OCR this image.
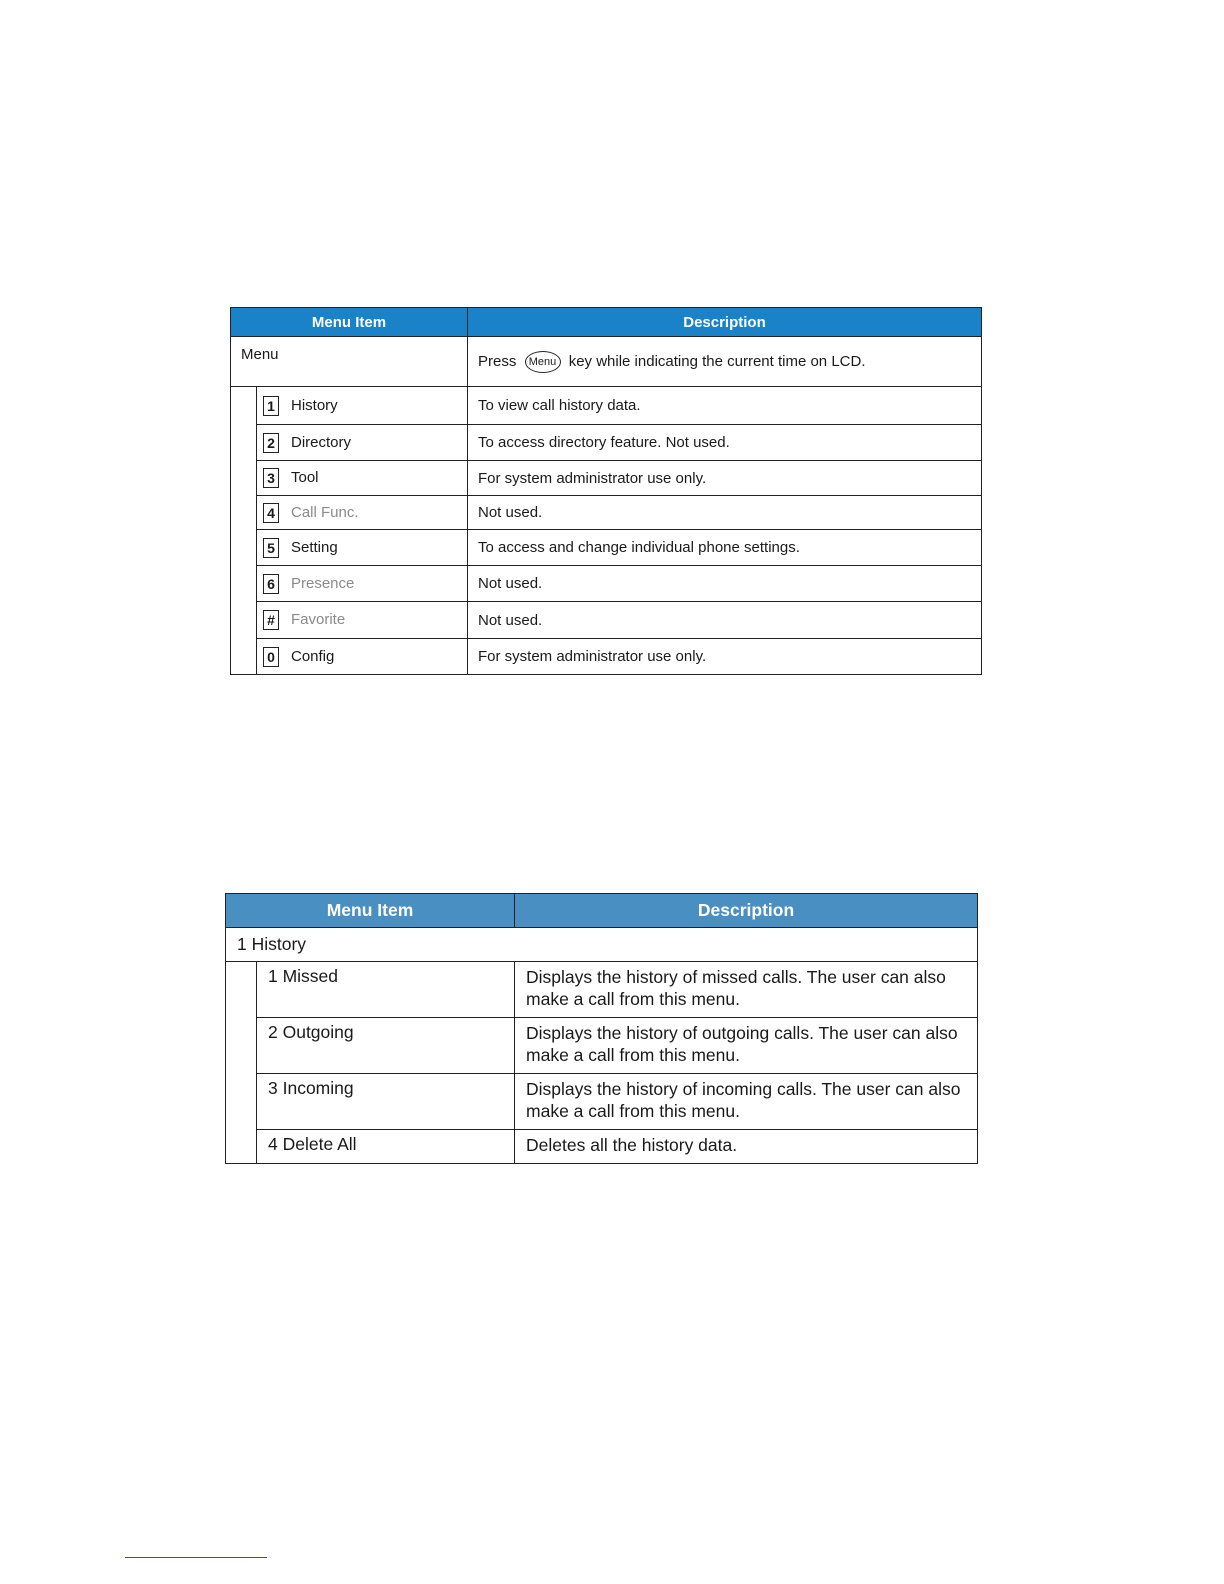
Menu Item		Description
Menu		Press Menu key while indicating the current time on LCD.
	1 History	To view call history data.
	2 Directory	To access directory feature. Not used.
	3 Tool	For system administrator use only.
	4 Call Func.	Not used.
	5 Setting	To access and change individual phone settings.
	6 Presence	Not used.
	# Favorite	Not used.
	0 Config	For system administrator use only.
Menu Item		Description
1 History		
	1 Missed	Displays the history of missed calls. The user can also make a call from this menu.
	2 Outgoing	Displays the history of outgoing calls. The user can also make a call from this menu.
	3 Incoming	Displays the history of incoming calls. The user can also make a call from this menu.
	4 Delete All	Deletes all the history data.
